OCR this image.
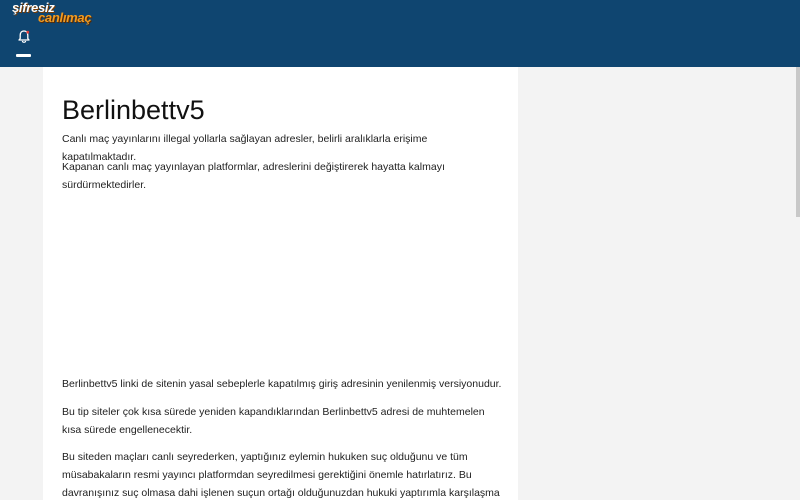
şifresiz
canlımaç
Berlinbettv5

Canlı maç yayınlarını illegal yollarla sağlayan adresler, belirli aralıklarla erişime kapatılmaktadır.

Kapanan canlı maç yayınlayan platformlar, adreslerini değiştirerek hayatta kalmayı sürdürmektedirler.

Berlinbettv5 linki de sitenin yasal sebeplerle kapatılmış giriş adresinin yenilenmiş versiyonudur.

Bu tip siteler çok kısa sürede yeniden kapandıklarından Berlinbettv5 adresi de muhtemelen kısa sürede engellenecektir.

Bu siteden maçları canlı seyrederken, yaptığınız eylemin hukuken suç olduğunu ve tüm müsabakaların resmi yayıncı platformdan seyredilmesi gerektiğini önemle hatırlatırız. Bu davranışınız suç olmasa dahi işlenen suçun ortağı olduğunuzdan hukuki yaptırımla karşılaşma
